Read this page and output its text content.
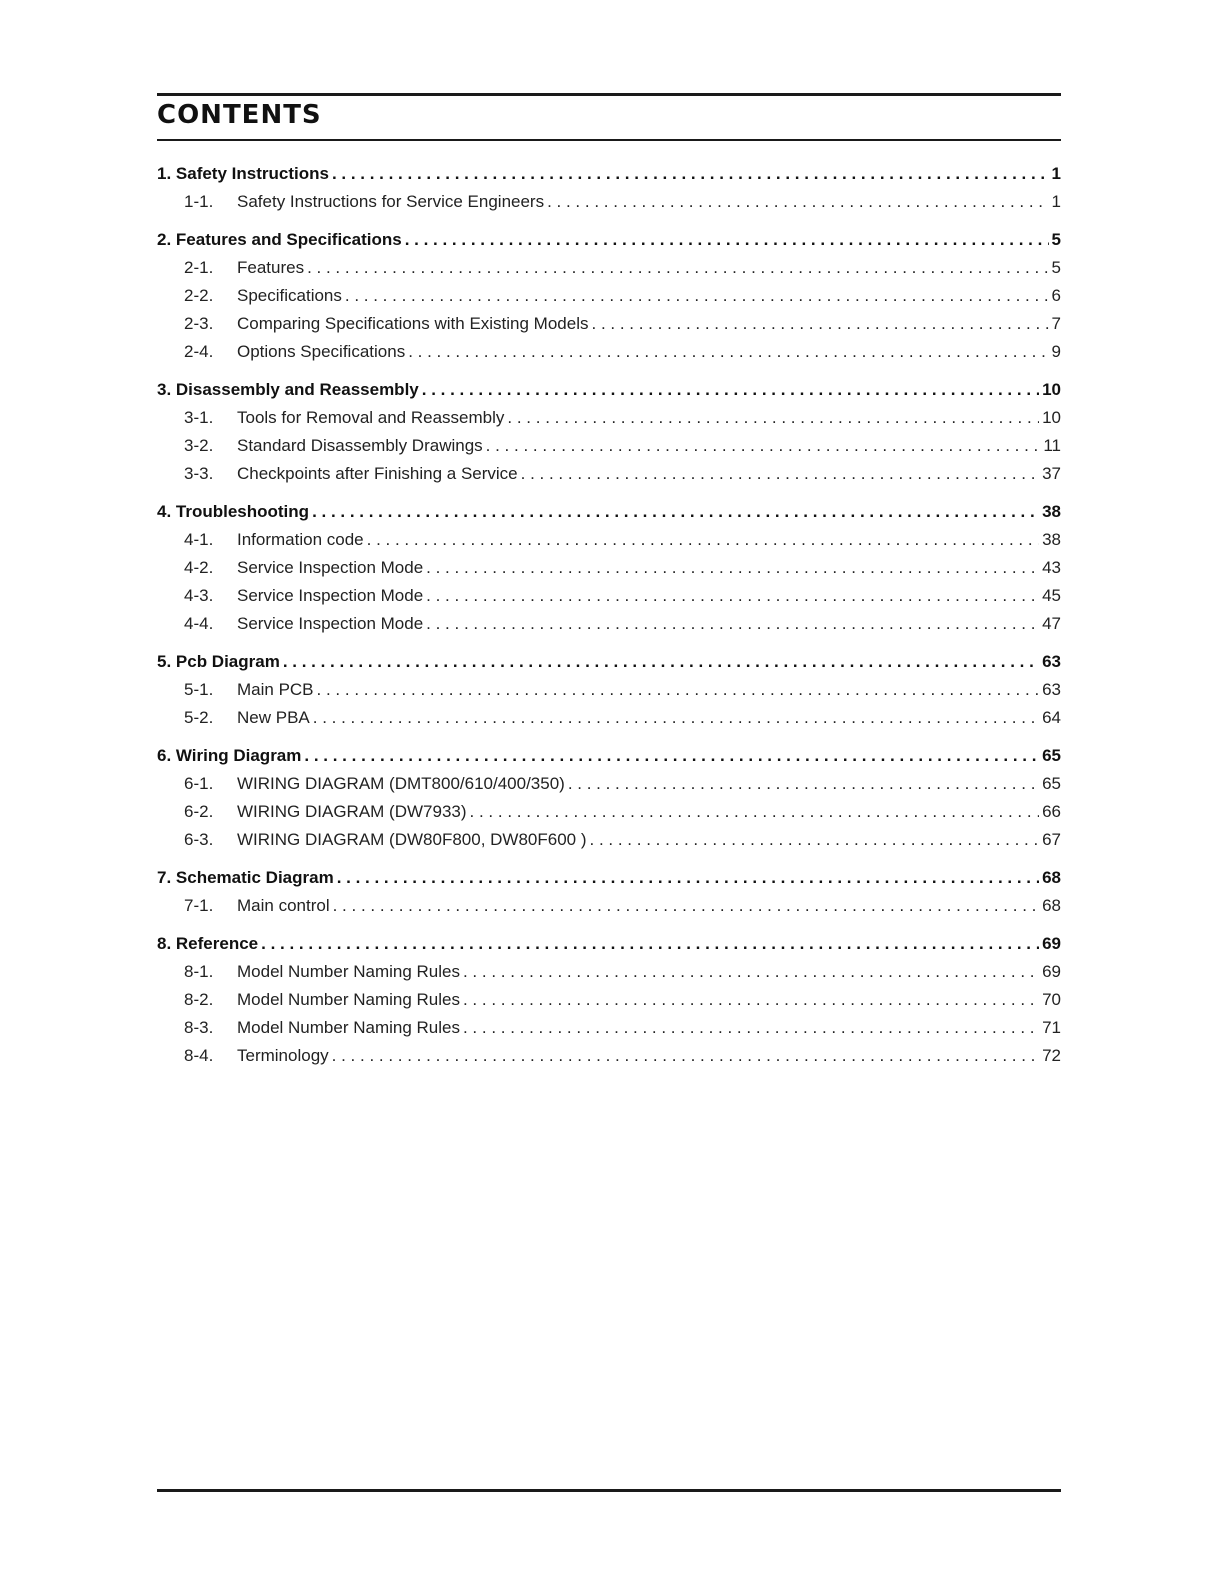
CONTENTS
1. Safety Instructions . . .	1
1-1.	Safety Instructions for Service Engineers . . .	1
2. Features and Specifications . . .	5
2-1.	Features . . .	5
2-2.	Specifications . . .	6
2-3.	Comparing Specifications with Existing Models . . .	7
2-4.	Options Specifications . . .	9
3. Disassembly and Reassembly . . .	10
3-1.	Tools for Removal and Reassembly . . .	10
3-2.	Standard Disassembly Drawings . . .	11
3-3.	Checkpoints after Finishing a Service . . .	37
4. Troubleshooting . . .	38
4-1.	Information code . . .	38
4-2.	Service Inspection Mode . . .	43
4-3.	Service Inspection Mode . . .	45
4-4.	Service Inspection Mode . . .	47
5. Pcb Diagram . . .	63
5-1.	Main PCB . . .	63
5-2.	New PBA . . .	64
6. Wiring Diagram . . .	65
6-1.	WIRING DIAGRAM (DMT800/610/400/350) . . .	65
6-2.	WIRING DIAGRAM (DW7933) . . .	66
6-3.	WIRING DIAGRAM (DW80F800, DW80F600 ) . . .	67
7. Schematic Diagram . . .	68
7-1.	Main control . . .	68
8. Reference . . .	69
8-1.	Model Number Naming Rules . . .	69
8-2.	Model Number Naming Rules . . .	70
8-3.	Model Number Naming Rules . . .	71
8-4.	Terminology . . .	72
